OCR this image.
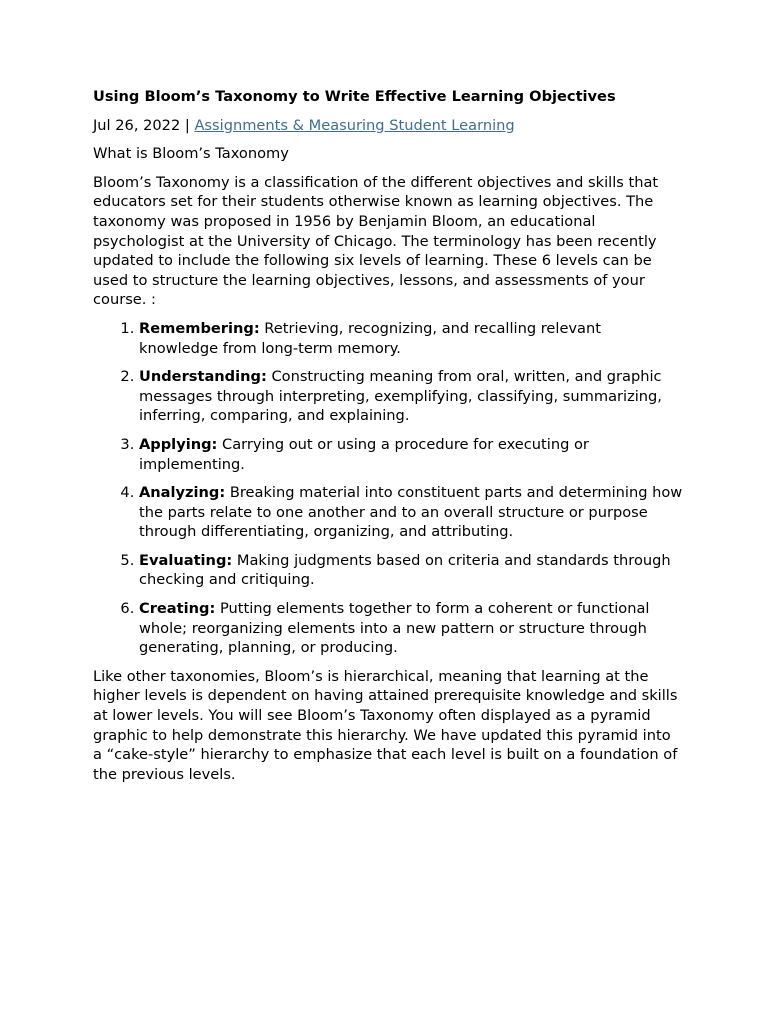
Using Bloom’s Taxonomy to Write Effective Learning Objectives
Jul 26, 2022 | Assignments & Measuring Student Learning

What is Bloom’s Taxonomy

Bloom’s Taxonomy is a classification of the different objectives and skills that educators set for their students otherwise known as learning objectives. The taxonomy was proposed in 1956 by Benjamin Bloom, an educational psychologist at the University of Chicago. The terminology has been recently updated to include the following six levels of learning. These 6 levels can be used to structure the learning objectives, lessons, and assessments of your course. :

1. Remembering: Retrieving, recognizing, and recalling relevant knowledge from long-term memory.
2. Understanding: Constructing meaning from oral, written, and graphic messages through interpreting, exemplifying, classifying, summarizing, inferring, comparing, and explaining.
3. Applying: Carrying out or using a procedure for executing or implementing.
4. Analyzing: Breaking material into constituent parts and determining how the parts relate to one another and to an overall structure or purpose through differentiating, organizing, and attributing.
5. Evaluating: Making judgments based on criteria and standards through checking and critiquing.
6. Creating: Putting elements together to form a coherent or functional whole; reorganizing elements into a new pattern or structure through generating, planning, or producing.

Like other taxonomies, Bloom’s is hierarchical, meaning that learning at the higher levels is dependent on having attained prerequisite knowledge and skills at lower levels. You will see Bloom’s Taxonomy often displayed as a pyramid graphic to help demonstrate this hierarchy. We have updated this pyramid into a “cake-style” hierarchy to emphasize that each level is built on a foundation of the previous levels.
